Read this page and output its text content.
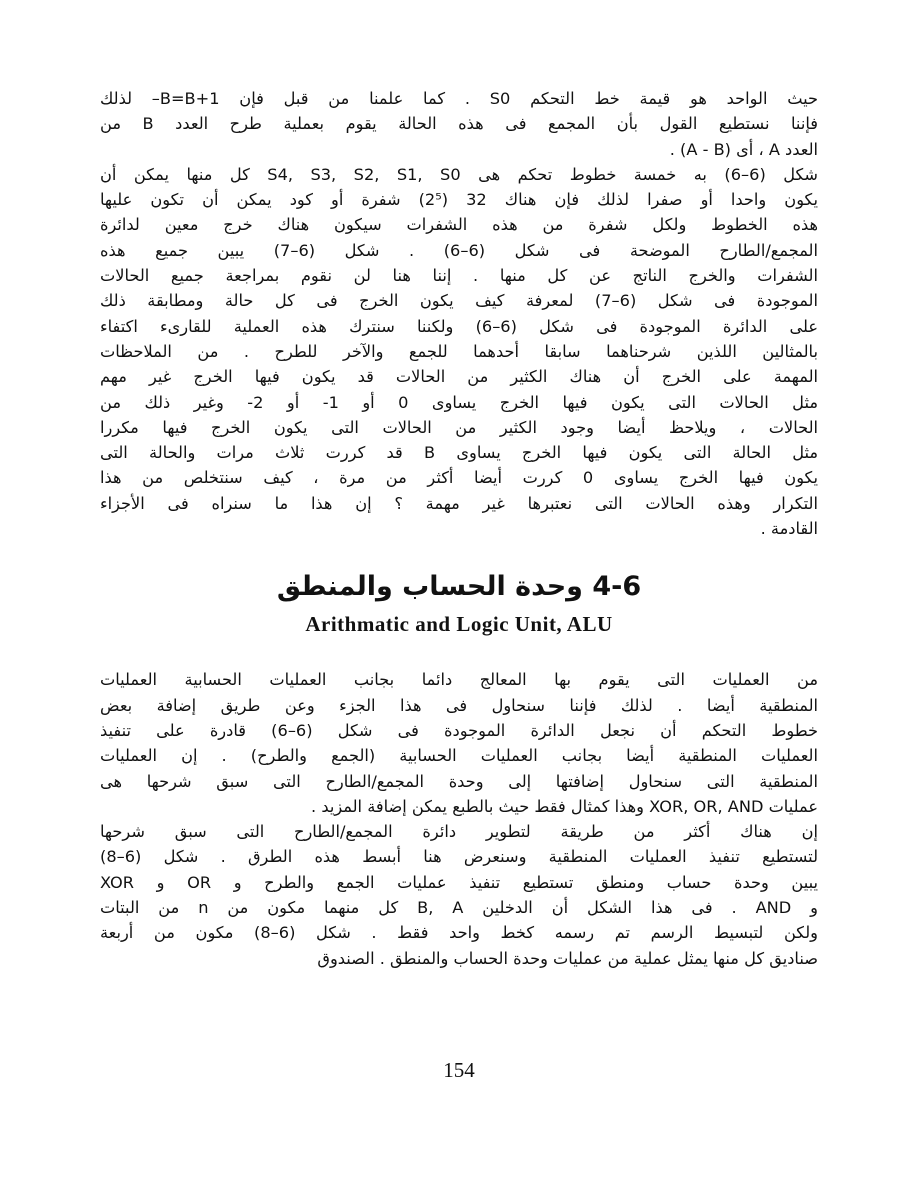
حيث الواحد هو قيمة خط التحكم S0 . كما علمنا من قبل فإن B=B+1– لذلك
فإننا نستطيع القول بأن المجمع فى هذه الحالة يقوم بعملية طرح العدد B من
العدد A ، أى (A - B) .

شكل (6–6) به خمسة خطوط تحكم هى S4, S3, S2, S1, S0 كل منها يمكن أن
يكون واحدا أو صفرا لذلك فإن هناك 32 (2⁵) شفرة أو كود يمكن أن تكون عليها
هذه الخطوط ولكل شفرة من هذه الشفرات سيكون هناك خرج معين لدائرة
المجمع/الطارح الموضحة فى شكل (6–6) . شكل (6–7) يبين جميع هذه
الشفرات والخرج الناتج عن كل منها . إننا هنا لن نقوم بمراجعة جميع الحالات
الموجودة فى شكل (6–7) لمعرفة كيف يكون الخرج فى كل حالة ومطابقة ذلك
على الدائرة الموجودة فى شكل (6–6) ولكننا سنترك هذه العملية للقارىء اكتفاء
بالمثالين اللذين شرحناهما سابقا أحدهما للجمع والآخر للطرح . من الملاحظات
المهمة على الخرج أن هناك الكثير من الحالات قد يكون فيها الخرج غير مهم
مثل الحالات التى يكون فيها الخرج يساوى 0 أو 1- أو 2- وغير ذلك من
الحالات ، ويلاحظ أيضا وجود الكثير من الحالات التى يكون الخرج فيها مكررا
مثل الحالة التى يكون فيها الخرج يساوى B قد كررت ثلاث مرات والحالة التى
يكون فيها الخرج يساوى 0 كررت أيضا أكثر من مرة ، كيف سنتخلص من هذا
التكرار وهذه الحالات التى نعتبرها غير مهمة ؟ إن هذا ما سنراه فى الأجزاء
القادمة .

4-6 وحدة الحساب والمنطق

Arithmatic and Logic Unit, ALU

من العمليات التى يقوم بها المعالج دائما بجانب العمليات الحسابية العمليات
المنطقية أيضا . لذلك فإننا سنحاول فى هذا الجزء وعن طريق إضافة بعض
خطوط التحكم أن نجعل الدائرة الموجودة فى شكل (6–6) قادرة على تنفيذ
العمليات المنطقية أيضا بجانب العمليات الحسابية (الجمع والطرح) . إن العمليات
المنطقية التى سنحاول إضافتها إلى وحدة المجمع/الطارح التى سبق شرحها هى
عمليات XOR, OR, AND وهذا كمثال فقط حيث بالطبع يمكن إضافة المزيد .

إن هناك أكثر من طريقة لتطوير دائرة المجمع/الطارح التى سبق شرحها
لتستطيع تنفيذ العمليات المنطقية وسنعرض هنا أبسط هذه الطرق . شكل (6–8)
يبين وحدة حساب ومنطق تستطيع تنفيذ عمليات الجمع والطرح و OR و XOR
و AND . فى هذا الشكل أن الدخلين B, A كل منهما مكون من n من البتات
ولكن لتبسيط الرسم تم رسمه كخط واحد فقط . شكل (6–8) مكون من أربعة
صناديق كل منها يمثل عملية من عمليات وحدة الحساب والمنطق . الصندوق

154
